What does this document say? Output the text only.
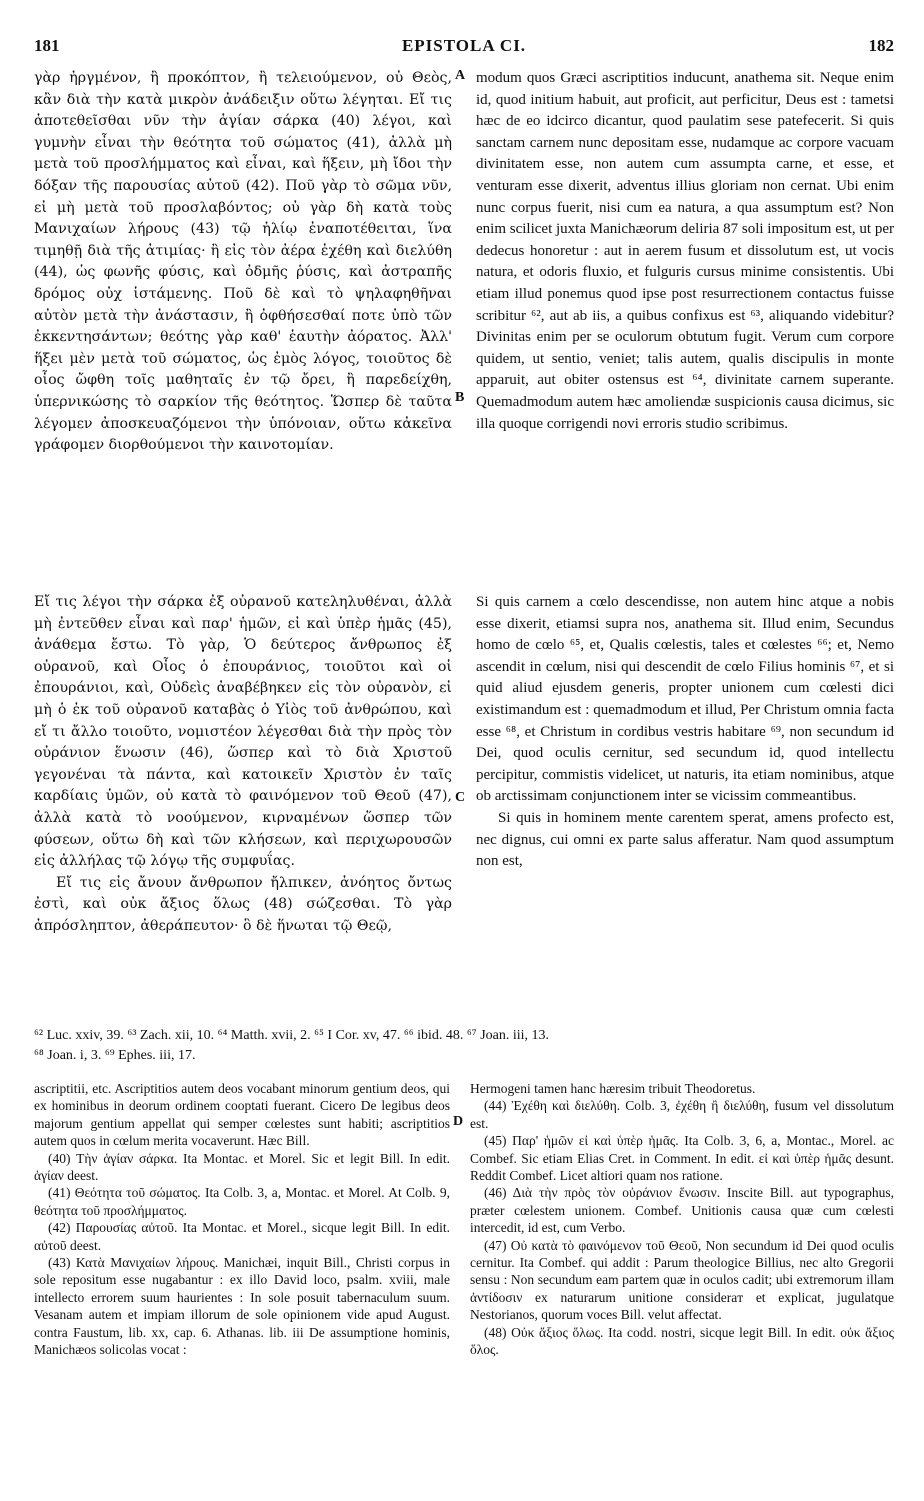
181	EPISTOLA CI.	182

γὰρ ἠργμένον, ἢ προκόπτον, ἢ τελειούμενον, οὐ Θεὸς, κἂν διὰ τὴν κατὰ μικρὸν ἀνάδειξιν οὕτω λέγηται. Εἴ τις ἀποτεθεῖσθαι νῦν τὴν ἁγίαν σάρκα (40) λέγοι, καὶ γυμνὴν εἶναι τὴν θεότητα τοῦ σώματος (41), ἀλλὰ μὴ μετὰ τοῦ προσλήμματος καὶ εἶναι, καὶ ἥξειν, μὴ ἴδοι τὴν δόξαν τῆς παρουσίας αὐτοῦ (42). Ποῦ γὰρ τὸ σῶμα νῦν, εἰ μὴ μετὰ τοῦ προσλαβόντος; οὐ γὰρ δὴ κατὰ τοὺς Μανιχαίων λήρους (43) τῷ ἡλίῳ ἐναποτέθειται, ἵνα τιμηθῇ διὰ τῆς ἀτιμίας· ἢ εἰς τὸν ἀέρα ἐχέθη καὶ διελύθη (44), ὡς φωνῆς φύσις, καὶ ὀδμῆς ῥύσις, καὶ ἀστραπῆς δρόμος οὐχ ἱστάμενης. Ποῦ δὲ καὶ τὸ ψηλαφηθῆναι αὐτὸν μετὰ τὴν ἀνάστασιν, ἢ ὀφθήσεσθαί ποτε ὑπὸ τῶν ἐκκεντησάντων; θεότης γὰρ καθ' ἑαυτὴν ἀόρατος. Ἀλλ' ἥξει μὲν μετὰ τοῦ σώματος, ὡς ἐμὸς λόγος, τοιοῦτος δὲ οἷος ὤφθη τοῖς μαθηταῖς ἐν τῷ ὄρει, ἢ παρεδείχθη, ὑπερνικώσης τὸ σαρκίον τῆς θεότητος. Ὥσπερ δὲ ταῦτα λέγομεν ἀποσκευαζόμενοι τὴν ὑπόνοιαν, οὕτω κἀκεῖνα γράφομεν διορθούμενοι τὴν καινοτομίαν.

modum quos Græci ascriptitios inducunt, anathema sit. Neque enim id, quod initium habuit, aut proficit, aut perficitur, Deus est : tametsi hæc de eo idcirco dicantur, quod paulatim sese patefecerit. Si quis sanctam carnem nunc depositam esse, nudamque ac corpore vacuam divinitatem esse, non autem cum assumpta carne, et esse, et venturam esse dixerit, adventus illius gloriam non cernat. Ubi enim nunc corpus fuerit, nisi cum ea natura, a qua assumptum est? Non enim scilicet juxta Manichæorum deliria 87 soli impositum est, ut per dedecus honoretur : aut in aerem fusum et dissolutum est, ut vocis natura, et odoris fluxio, et fulguris cursus minime consistentis. Ubi etiam illud ponemus quod ipse post resurrectionem contactus fuisse scribitur ⁶², aut ab iis, a quibus confixus est ⁶³, aliquando videbitur? Divinitas enim per se oculorum obtutum fugit. Verum cum corpore quidem, ut sentio, veniet; talis autem, qualis discipulis in monte apparuit, aut obiter ostensus est ⁶⁴, divinitate carnem superante. Quemadmodum autem hæc amoliendæ suspicionis causa dicimus, sic illa quoque corrigendi novi erroris studio scribimus.

A
B
C
D

Εἴ τις λέγοι τὴν σάρκα ἐξ οὐρανοῦ κατεληλυθέναι, ἀλλὰ μὴ ἐντεῦθεν εἶναι καὶ παρ' ἡμῶν, εἰ καὶ ὑπὲρ ἡμᾶς (45), ἀνάθεμα ἔστω. Τὸ γὰρ, Ὁ δεύτερος ἄνθρωπος ἐξ οὐρανοῦ, καὶ Οἷος ὁ ἐπουράνιος, τοιοῦτοι καὶ οἱ ἐπουράνιοι, καὶ, Οὐδεὶς ἀναβέβηκεν εἰς τὸν οὐρανὸν, εἰ μὴ ὁ ἐκ τοῦ οὐρανοῦ καταβὰς ὁ Υἱὸς τοῦ ἀνθρώπου, καὶ εἴ τι ἄλλο τοιοῦτο, νομιστέον λέγεσθαι διὰ τὴν πρὸς τὸν οὐράνιον ἕνωσιν (46), ὥσπερ καὶ τὸ διὰ Χριστοῦ γεγονέναι τὰ πάντα, καὶ κατοικεῖν Χριστὸν ἐν ταῖς καρδίαις ὑμῶν, οὐ κατὰ τὸ φαινόμενον τοῦ Θεοῦ (47), ἀλλὰ κατὰ τὸ νοούμενον, κιρναμένων ὥσπερ τῶν φύσεων, οὕτω δὴ καὶ τῶν κλήσεων, καὶ περιχωρουσῶν εἰς ἀλλήλας τῷ λόγῳ τῆς συμφυΐας.

Εἴ τις εἰς ἄνουν ἄνθρωπον ἤλπικεν, ἀνόητος ὄντως ἐστὶ, καὶ οὐκ ἄξιος ὅλως (48) σώζεσθαι. Τὸ γὰρ ἀπρόσληπτον, ἀθεράπευτον· ὃ δὲ ἥνωται τῷ Θεῷ,

Si quis carnem a cœlo descendisse, non autem hinc atque a nobis esse dixerit, etiamsi supra nos, anathema sit. Illud enim, Secundus homo de cœlo ⁶⁵, et, Qualis cœlestis, tales et cœlestes ⁶⁶; et, Nemo ascendit in cœlum, nisi qui descendit de cœlo Filius hominis ⁶⁷, et si quid aliud ejusdem generis, propter unionem cum cœlesti dici existimandum est : quemadmodum et illud, Per Christum omnia facta esse ⁶⁸, et Christum in cordibus vestris habitare ⁶⁹, non secundum id Dei, quod oculis cernitur, sed secundum id, quod intellectu percipitur, commistis videlicet, ut naturis, ita etiam nominibus, atque ob arctissimam conjunctionem inter se vicissim commeantibus.

Si quis in hominem mente carentem sperat, amens profecto est, nec dignus, cui omni ex parte salus afferatur. Nam quod assumptum non est,

⁶² Luc. xxiv, 39. ⁶³ Zach. xii, 10. ⁶⁴ Matth. xvii, 2. ⁶⁵ I Cor. xv, 47. ⁶⁶ ibid. 48. ⁶⁷ Joan. iii, 13.
⁶⁸ Joan. i, 3. ⁶⁹ Ephes. iii, 17.

ascriptitii, etc. Ascriptitios autem deos vocabant minorum gentium deos, qui ex hominibus in deorum ordinem cooptati fuerant. Cicero De legibus deos majorum gentium appellat qui semper cœlestes sunt habiti; ascriptitios autem quos in cœlum merita vocaverunt. Hæc Bill.

(40) Τὴν ἁγίαν σάρκα. Ita Montac. et Morel. Sic et legit Bill. In edit. ἁγίαν deest.

(41) Θεότητα τοῦ σώματος. Ita Colb. 3, a, Montac. et Morel. At Colb. 9, θεότητα τοῦ προσλήμματος.

(42) Παρουσίας αὐτοῦ. Ita Montac. et Morel., sicque legit Bill. In edit. αὐτοῦ deest.

(43) Κατὰ Μανιχαίων λήρους. Manichæi, inquit Bill., Christi corpus in sole repositum esse nugabantur : ex illo David loco, psalm. xviii, male intellecto errorem suum haurientes : In sole posuit tabernaculum suum. Vesanam autem et impiam illorum de sole opinionem vide apud August. contra Faustum, lib. xx, cap. 6. Athanas. lib. iii De assumptione hominis, Manichæos solicolas vocat :

Hermogeni tamen hanc hæresim tribuit Theodoretus.

(44) Ἐχέθη καὶ διελύθη. Colb. 3, ἐχέθη ἢ διελύθη, fusum vel dissolutum est.

(45) Παρ' ἡμῶν εἰ καὶ ὑπὲρ ἡμᾶς. Ita Colb. 3, 6, a, Montac., Morel. ac Combef. Sic etiam Elias Cret. in Comment. In edit. εἰ καὶ ὑπὲρ ἡμᾶς desunt. Reddit Combef. Licet altiori quam nos ratione.

(46) Διὰ τὴν πρὸς τὸν οὐράνιον ἕνωσιν. Inscite Bill. aut typographus, præter cœlestem unionem. Combef. Unitionis causa quæ cum cœlesti intercedit, id est, cum Verbo.

(47) Οὐ κατὰ τὸ φαινόμενον τοῦ Θεοῦ, Non secundum id Dei quod oculis cernitur. Ita Combef. qui addit : Parum theologice Billius, nec alto Gregorii sensu : Non secundum eam partem quæ in oculos cadit; ubi extremorum illam ἀντίδοσιν ex naturarum unitione consideraт et explicat, jugulatque Nestorianos, quorum voces Bill. velut affectat.

(48) Οὐκ ἄξιος ὅλως. Ita codd. nostri, sicque legit Bill. In edit. οὐκ ἄξιος ὅλος.
